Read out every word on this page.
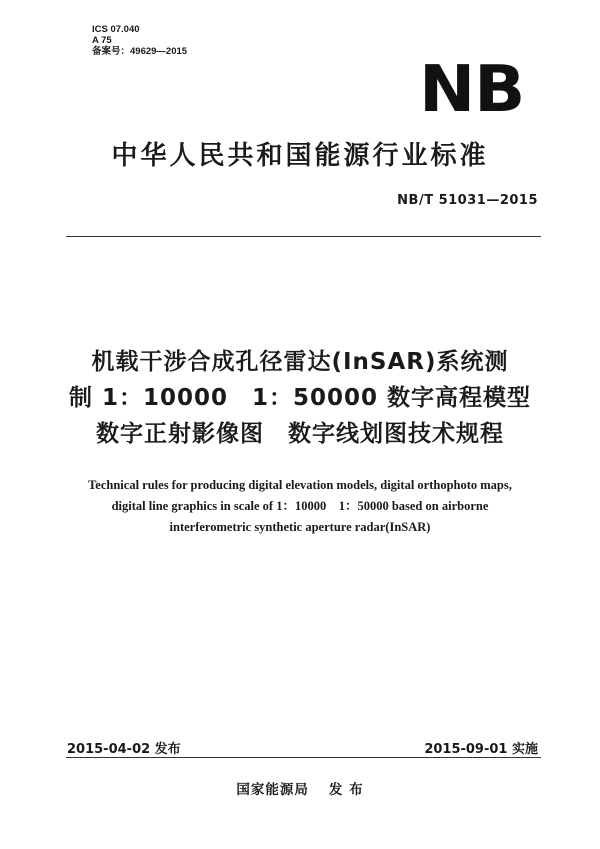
ICS 07.040
A 75
备案号：49629—2015
NB
中华人民共和国能源行业标准
NB/T 51031—2015
机载干涉合成孔径雷达(InSAR)系统测
制 1：10000　1：50000 数字高程模型
数字正射影像图　数字线划图技术规程
Technical rules for producing digital elevation models, digital orthophoto maps,
digital line graphics in scale of 1：10000　1：50000 based on airborne
interferometric synthetic aperture radar(InSAR)
2015-04-02 发布	2015-09-01 实施
国家能源局 发 布
